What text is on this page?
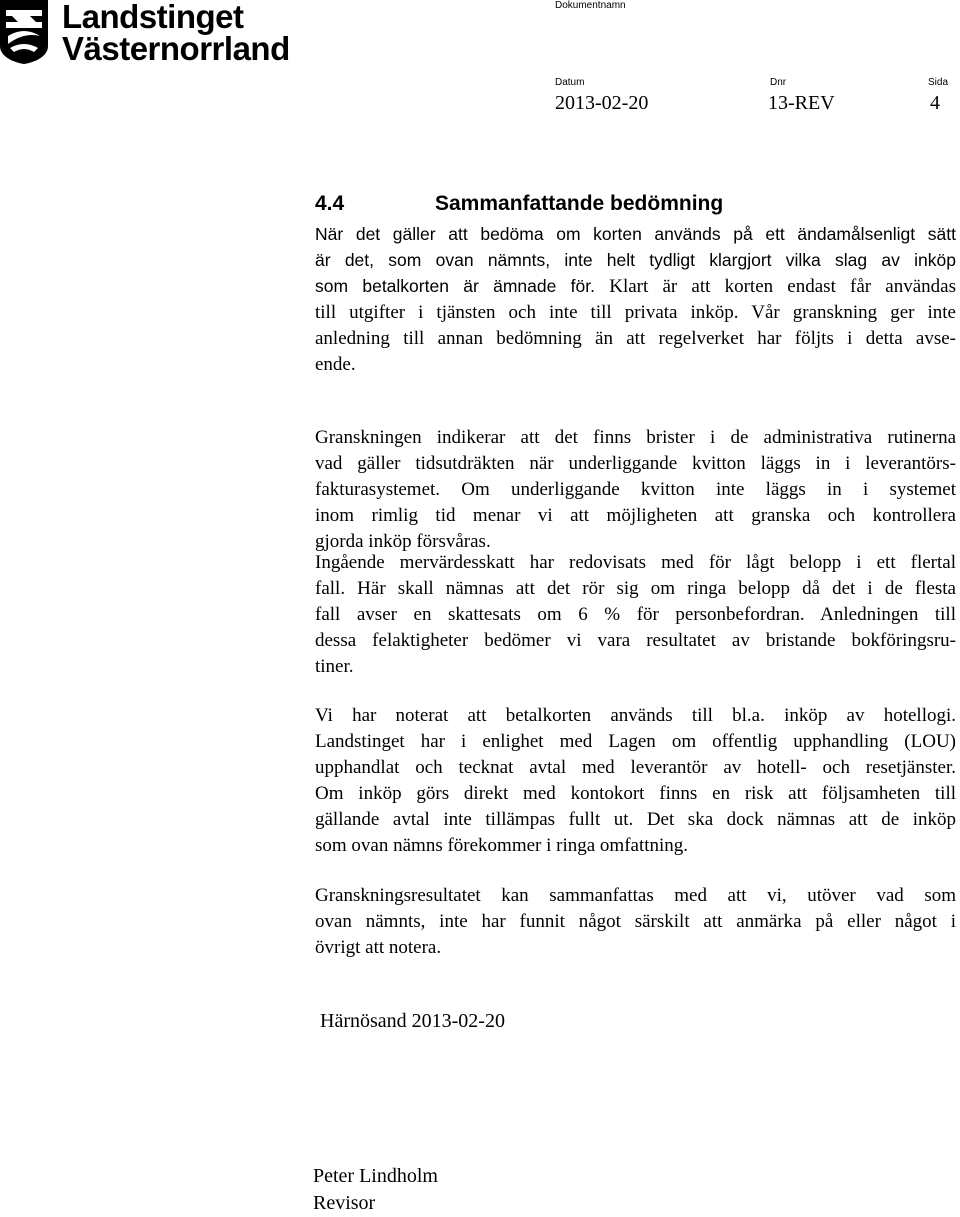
Landstinget
Västernorrland
Dokumentnamn
Datum	Dnr	Sida
2013-02-20	13-REV	4
4.4	Sammanfattande bedömning
När det gäller att bedöma om korten används på ett ändamålsenligt sätt
är det, som ovan nämnts, inte helt tydligt klargjort vilka slag av inköp
som betalkorten är ämnade för. Klart är att korten endast får användas
till utgifter i tjänsten och inte till privata inköp. Vår granskning ger inte
anledning till annan bedömning än att regelverket har följts i detta avse-
ende.
Granskningen indikerar att det finns brister i de administrativa rutinerna
vad gäller tidsutdräkten när underliggande kvitton läggs in i leverantörs-
fakturasystemet. Om underliggande kvitton inte läggs in i systemet
inom rimlig tid menar vi att möjligheten att granska och kontrollera
gjorda inköp försvåras.
Ingående mervärdesskatt har redovisats med för lågt belopp i ett flertal
fall. Här skall nämnas att det rör sig om ringa belopp då det i de flesta
fall avser en skattesats om 6 % för personbefordran. Anledningen till
dessa felaktigheter bedömer vi vara resultatet av bristande bokföringsru-
tiner.
Vi har noterat att betalkorten används till bl.a. inköp av hotellogi.
Landstinget har i enlighet med Lagen om offentlig upphandling (LOU)
upphandlat och tecknat avtal med leverantör av hotell- och resetjänster.
Om inköp görs direkt med kontokort finns en risk att följsamheten till
gällande avtal inte tillämpas fullt ut. Det ska dock nämnas att de inköp
som ovan nämns förekommer i ringa omfattning.
Granskningsresultatet kan sammanfattas med att vi, utöver vad som
ovan nämnts, inte har funnit något särskilt att anmärka på eller något i
övrigt att notera.
Härnösand 2013-02-20
Peter Lindholm
Revisor
